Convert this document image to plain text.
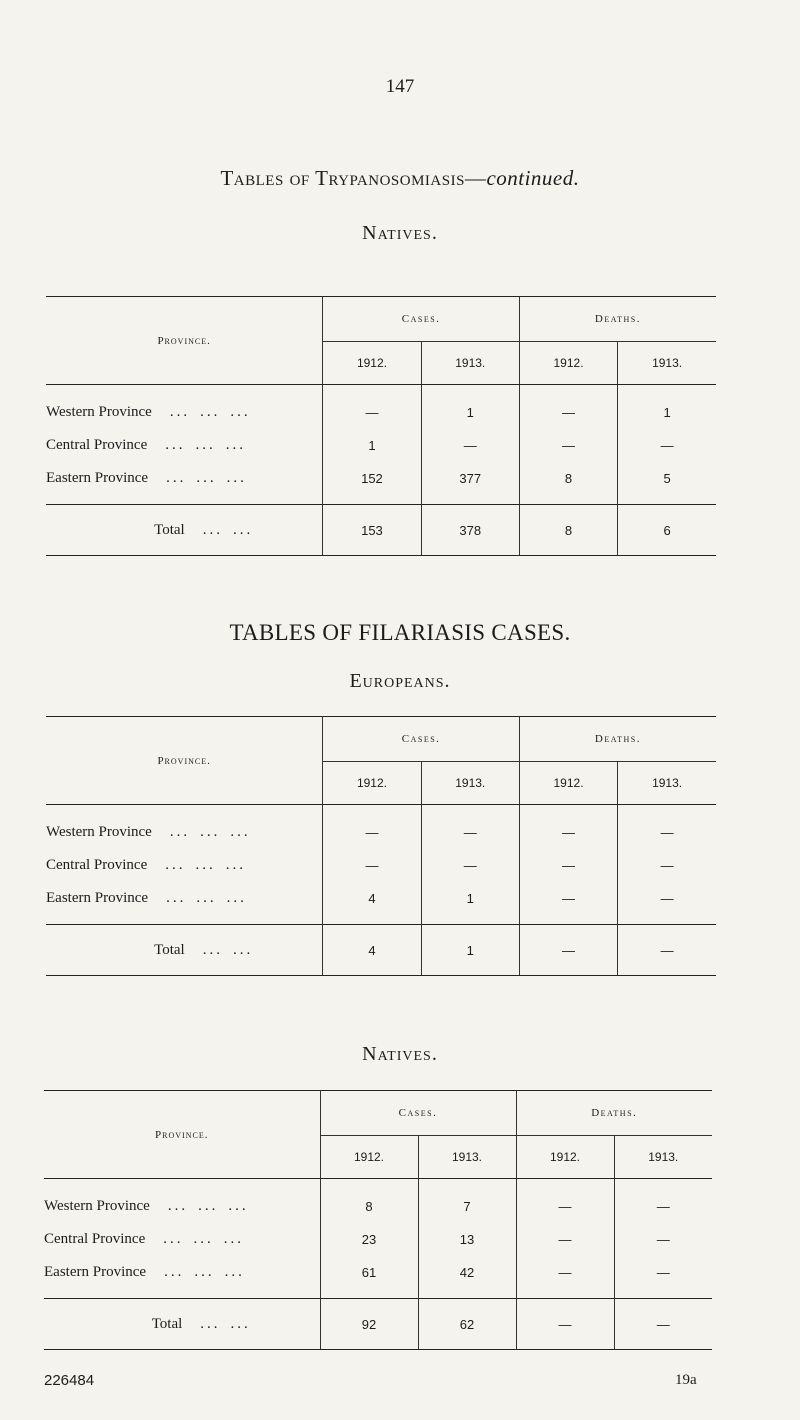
147
Tables of Trypanosomiasis—continued.
Natives.
Province.	Cases.		Deaths.	
	1912.	1913.	1912.	1913.
Western Province ... ... ...	—	1	—	1
Central Province ... ... ...	1	—	—	—
Eastern Province ... ... ...	152	377	8	5
Total ... ...	153	378	8	6
TABLES OF FILARIASIS CASES.
Europeans.
Province.	Cases.		Deaths.	
	1912.	1913.	1912.	1913.
Western Province ... ... ...	—	—	—	—
Central Province ... ... ...	—	—	—	—
Eastern Province ... ... ...	4	1	—	—
Total ... ...	4	1	—	—
Natives.
Province.	Cases.		Deaths.	
	1912.	1913.	1912.	1913.
Western Province ... ... ...	8	7	—	—
Central Province ... ... ...	23	13	—	—
Eastern Province ... ... ...	61	42	—	—
Total ... ...	92	62	—	—
226484	19a
